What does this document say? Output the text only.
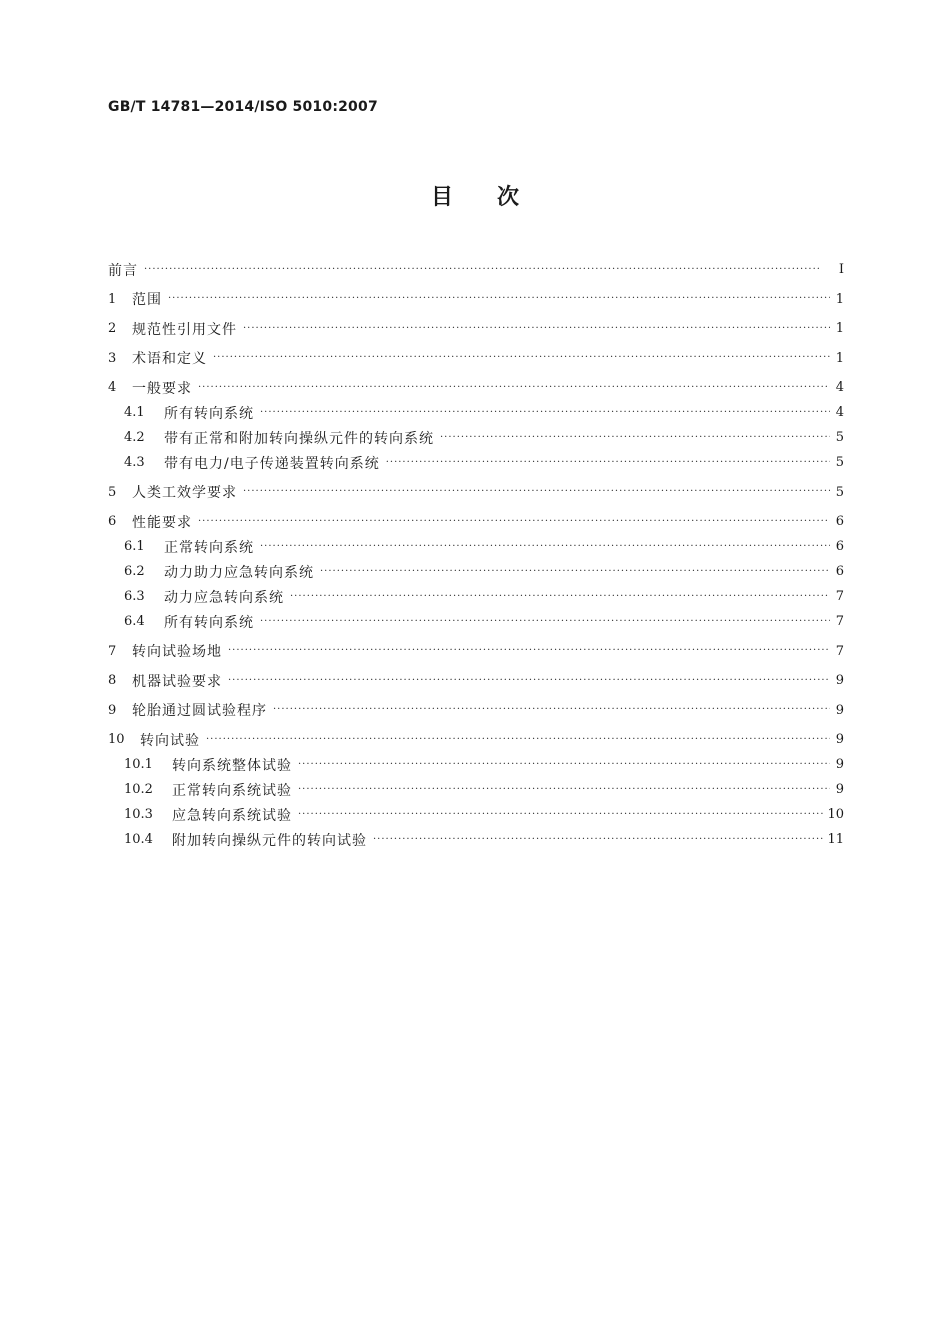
GB/T 14781—2014/ISO 5010:2007
目次
前言 ·····	Ⅰ
1	范围 ·····	1
2	规范性引用文件 ·····	1
3	术语和定义 ·····	1
4	一般要求 ·····	4
4.1	所有转向系统 ·····	4
4.2	带有正常和附加转向操纵元件的转向系统 ·····	5
4.3	带有电力/电子传递装置转向系统 ·····	5
5	人类工效学要求 ·····	5
6	性能要求 ·····	6
6.1	正常转向系统 ·····	6
6.2	动力助力应急转向系统 ·····	6
6.3	动力应急转向系统 ·····	7
6.4	所有转向系统 ·····	7
7	转向试验场地 ·····	7
8	机器试验要求 ·····	9
9	轮胎通过圆试验程序 ·····	9
10	转向试验 ·····	9
10.1	转向系统整体试验 ·····	9
10.2	正常转向系统试验 ·····	9
10.3	应急转向系统试验 ·····	10
10.4	附加转向操纵元件的转向试验 ·····	11
